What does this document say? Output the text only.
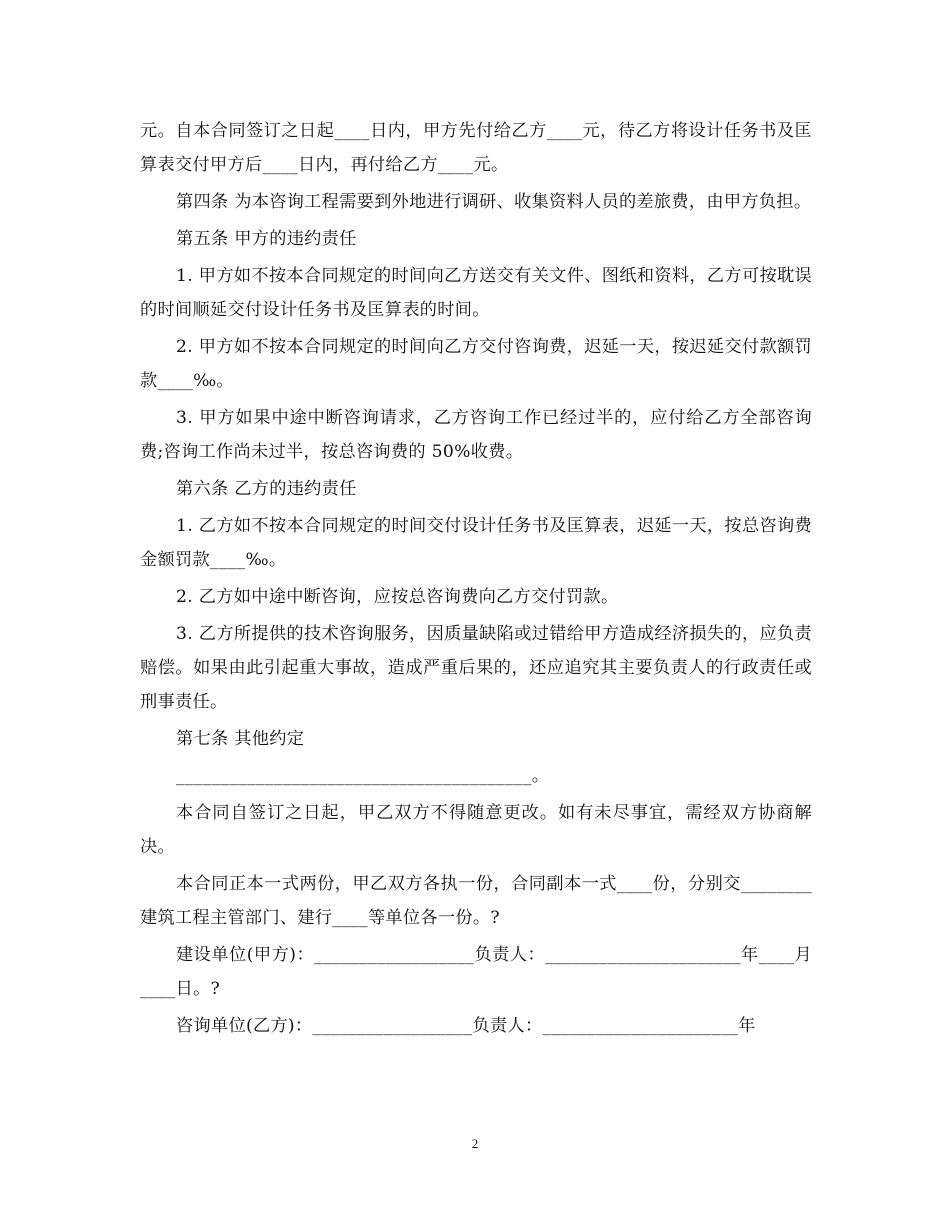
元。自本合同签订之日起____日内，甲方先付给乙方____元，待乙方将设计任务书及匡算表交付甲方后____日内，再付给乙方____元。

第四条 为本咨询工程需要到外地进行调研、收集资料人员的差旅费，由甲方负担。

第五条 甲方的违约责任

1. 甲方如不按本合同规定的时间向乙方送交有关文件、图纸和资料，乙方可按耽误的时间顺延交付设计任务书及匡算表的时间。

2. 甲方如不按本合同规定的时间向乙方交付咨询费，迟延一天，按迟延交付款额罚款____‰。

3. 甲方如果中途中断咨询请求，乙方咨询工作已经过半的，应付给乙方全部咨询费;咨询工作尚未过半，按总咨询费的 50%收费。

第六条 乙方的违约责任

1. 乙方如不按本合同规定的时间交付设计任务书及匡算表，迟延一天，按总咨询费金额罚款____‰。

2. 乙方如中途中断咨询，应按总咨询费向乙方交付罚款。

3. 乙方所提供的技术咨询服务，因质量缺陷或过错给甲方造成经济损失的，应负责赔偿。如果由此引起重大事故，造成严重后果的，还应追究其主要负责人的行政责任或刑事责任。

第七条 其他约定

________________________________________。

本合同自签订之日起，甲乙双方不得随意更改。如有未尽事宜，需经双方协商解决。

本合同正本一式两份，甲乙双方各执一份，合同副本一式____份，分别交________建筑工程主管部门、建行____等单位各一份。?

建设单位(甲方)：__________________负责人：______________________年____月____日。?

咨询单位(乙方)：__________________负责人：______________________年

2
